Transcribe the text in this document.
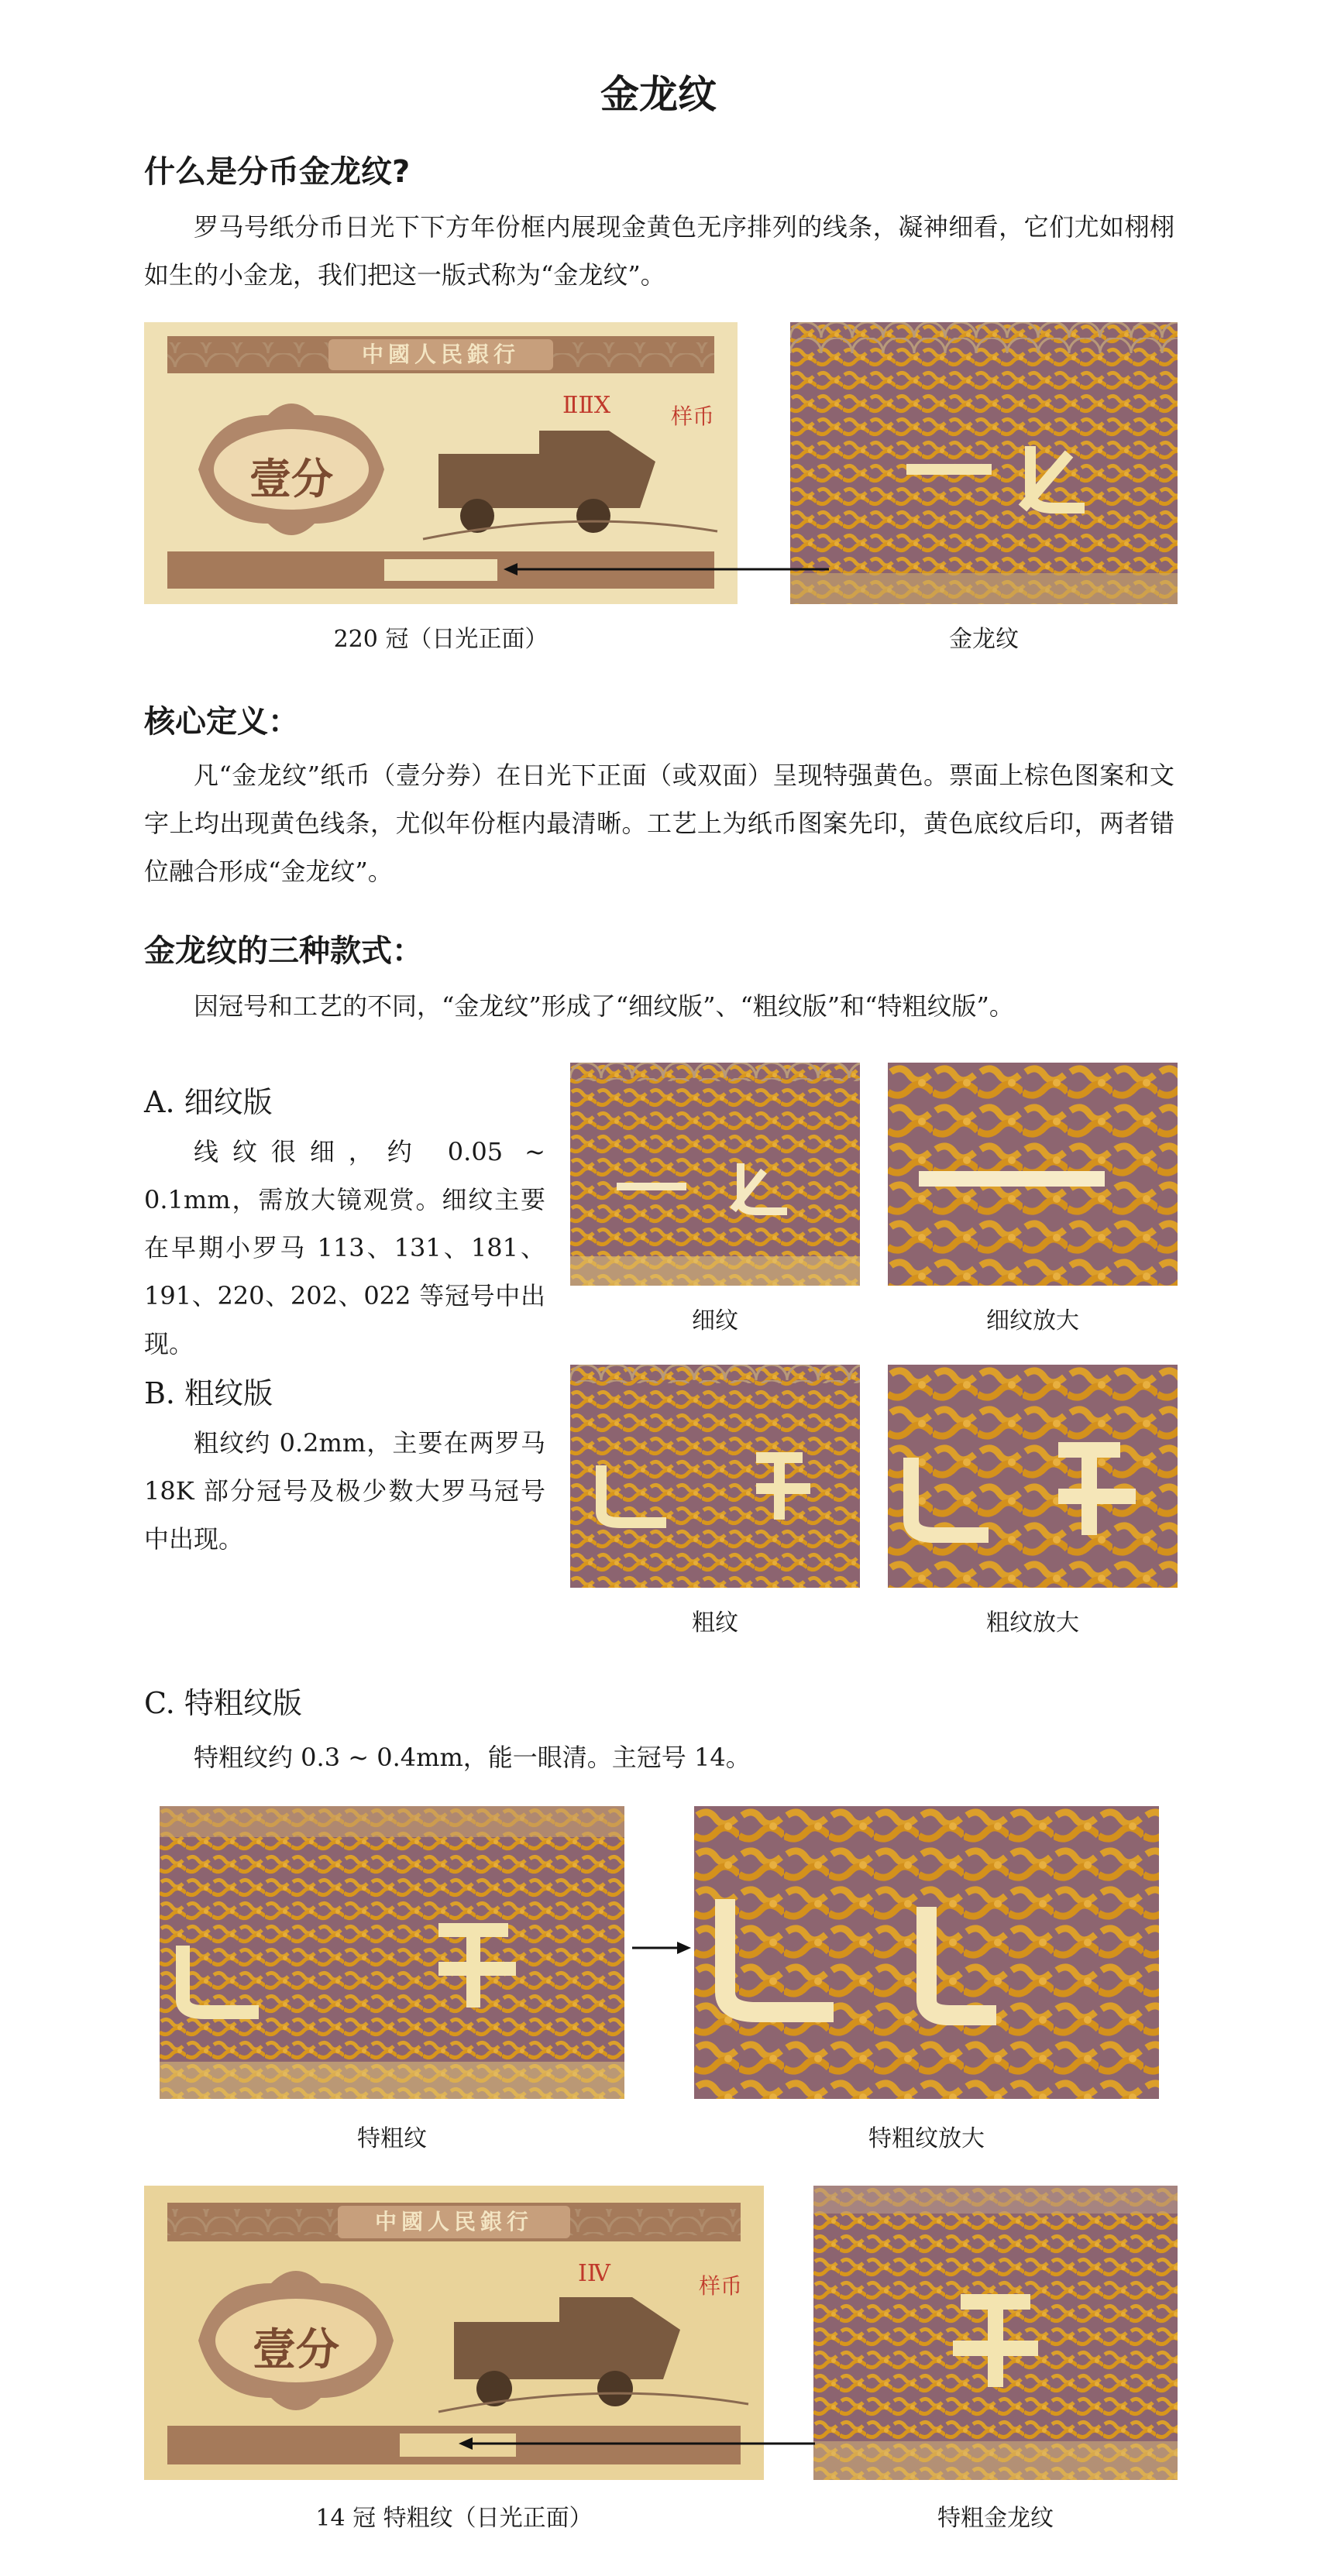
金龙纹
什么是分币金龙纹?
罗马号纸分币日光下下方年份框内展现金黄色无序排列的线条，凝神细看，它们尤如栩栩如生的小金龙，我们把这一版式称为“金龙纹”。
中國人民銀行
壹分
ⅡⅡⅩ	样币
220 冠（日光正面）	金龙纹
核心定义：
凡“金龙纹”纸币（壹分券）在日光下正面（或双面）呈现特强黄色。票面上棕色图案和文字上均出现黄色线条，尤似年份框内最清晰。工艺上为纸币图案先印，黄色底纹后印，两者错位融合形成“金龙纹”。
金龙纹的三种款式：
因冠号和工艺的不同，“金龙纹”形成了“细纹版”、“粗纹版”和“特粗纹版”。
A. 细纹版
线纹很细，约 0.05 ~ 0.1mm，需放大镜观赏。细纹主要在早期小罗马 113、131、181、191、220、202、022 等冠号中出现。
细纹	细纹放大
B. 粗纹版
粗纹约 0.2mm，主要在两罗马 18K 部分冠号及极少数大罗马冠号中出现。
粗纹	粗纹放大
C. 特粗纹版
特粗纹约 0.3 ~ 0.4mm，能一眼清。主冠号 14。
特粗纹	特粗纹放大
中國人民銀行
壹分
ⅠⅣ	样币
14 冠 特粗纹（日光正面）	特粗金龙纹
